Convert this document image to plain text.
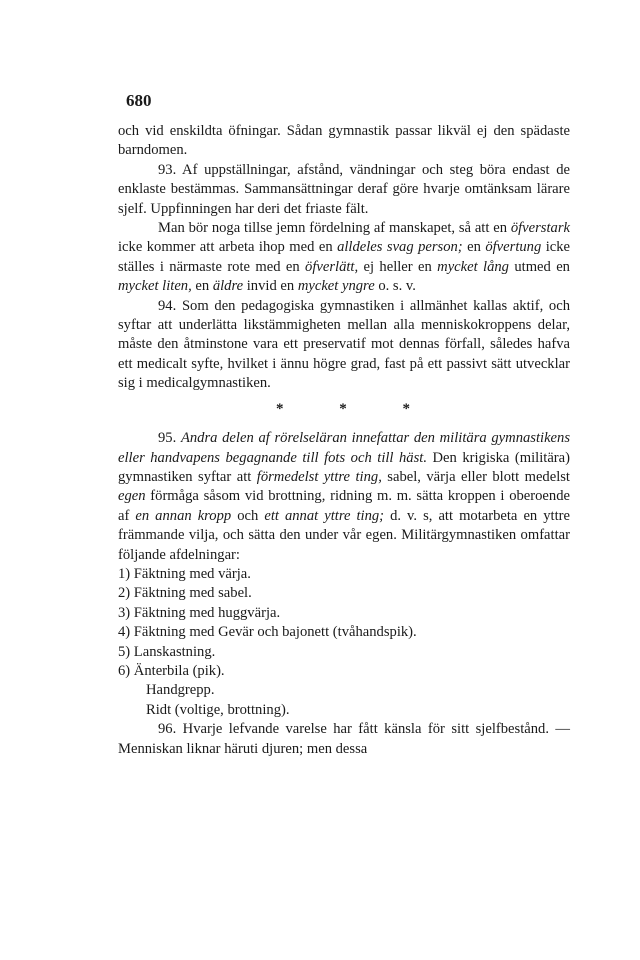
680

och vid enskildta öfningar. Sådan gymnastik passar likväl ej den spädaste barndomen.

93. Af uppställningar, afstånd, vändningar och steg böra endast de enklaste bestämmas. Sammansättningar deraf göre hvarje omtänksam lärare sjelf. Uppfinningen har deri det friaste fält.

Man bör noga tillse jemn fördelning af manskapet, så att en öfverstark icke kommer att arbeta ihop med en alldeles svag person; en öfvertung icke ställes i närmaste rote med en öfverlätt, ej heller en mycket lång utmed en mycket liten, en äldre invid en mycket yngre o. s. v.

94. Som den pedagogiska gymnastiken i allmänhet kallas aktif, och syftar att underlätta likstämmigheten mellan alla menniskokroppens delar, måste den åtminstone vara ett preservatif mot dennas förfall, således hafva ett medicalt syfte, hvilket i ännu högre grad, fast på ett passivt sätt utvecklar sig i medicalgymnastiken.

* * *

95. Andra delen af rörelseläran innefattar den militära gymnastikens eller handvapens begagnande till fots och till häst. Den krigiska (militära) gymnastiken syftar att förmedelst yttre ting, sabel, värja eller blott medelst egen förmåga såsom vid brottning, ridning m. m. sätta kroppen i oberoende af en annan kropp och ett annat yttre ting; d. v. s, att motarbeta en yttre främmande vilja, och sätta den under vår egen. Militärgymnastiken omfattar följande afdelningar:

1) Fäktning med värja.
2) Fäktning med sabel.
3) Fäktning med huggvärja.
4) Fäktning med Gevär och bajonett (tvåhandspik).
5) Lanskastning.
6) Änterbila (pik).
Handgrepp.
Ridt (voltige, brottning).

96. Hvarje lefvande varelse har fått känsla för sitt sjelfbestånd. — Menniskan liknar häruti djuren; men dessa
